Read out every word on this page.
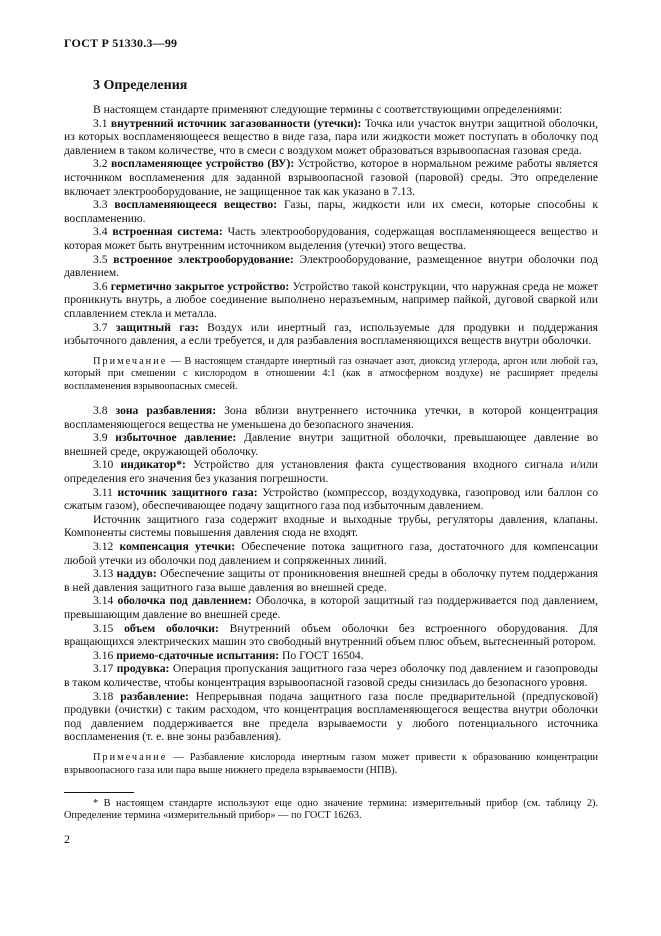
ГОСТ Р 51330.3—99
3 Определения

В настоящем стандарте применяют следующие термины с соответствующими определениями:

3.1 внутренний источник загазованности (утечки): Точка или участок внутри защитной оболочки, из которых воспламеняющееся вещество в виде газа, пара или жидкости может поступать в оболочку под давлением в таком количестве, что в смеси с воздухом может образоваться взрывоопасная газовая среда.

3.2 воспламеняющее устройство (ВУ): Устройство, которое в нормальном режиме работы является источником воспламенения для заданной взрывоопасной газовой (паровой) среды. Это определение включает электрооборудование, не защищенное так как указано в 7.13.

3.3 воспламеняющееся вещество: Газы, пары, жидкости или их смеси, которые способны к воспламенению.

3.4 встроенная система: Часть электрооборудования, содержащая воспламеняющееся вещество и которая может быть внутренним источником выделения (утечки) этого вещества.

3.5 встроенное электрооборудование: Электрооборудование, размещенное внутри оболочки под давлением.

3.6 герметично закрытое устройство: Устройство такой конструкции, что наружная среда не может проникнуть внутрь, а любое соединение выполнено неразъемным, например пайкой, дуговой сваркой или сплавлением стекла и металла.

3.7 защитный газ: Воздух или инертный газ, используемые для продувки и поддержания избыточного давления, а если требуется, и для разбавления воспламеняющихся веществ внутри оболочки.

Примечание — В настоящем стандарте инертный газ означает азот, диоксид углерода, аргон или любой газ, который при смешении с кислородом в отношении 4:1 (как в атмосферном воздухе) не расширяет пределы воспламенения взрывоопасных смесей.

3.8 зона разбавления: Зона вблизи внутреннего источника утечки, в которой концентрация воспламеняющегося вещества не уменьшена до безопасного значения.

3.9 избыточное давление: Давление внутри защитной оболочки, превышающее давление во внешней среде, окружающей оболочку.

3.10 индикатор*: Устройство для установления факта существования входного сигнала и/или определения его значения без указания погрешности.

3.11 источник защитного газа: Устройство (компрессор, воздуходувка, газопровод или баллон со сжатым газом), обеспечивающее подачу защитного газа под избыточным давлением.

Источник защитного газа содержит входные и выходные трубы, регуляторы давления, клапаны. Компоненты системы повышения давления сюда не входят.

3.12 компенсация утечки: Обеспечение потока защитного газа, достаточного для компенсации любой утечки из оболочки под давлением и сопряженных линий.

3.13 наддув: Обеспечение защиты от проникновения внешней среды в оболочку путем поддержания в ней давления защитного газа выше давления во внешней среде.

3.14 оболочка под давлением: Оболочка, в которой защитный газ поддерживается под давлением, превышающим давление во внешней среде.

3.15 объем оболочки: Внутренний объем оболочки без встроенного оборудования. Для вращающихся электрических машин это свободный внутренний объем плюс объем, вытесненный ротором.

3.16 приемо-сдаточные испытания: По ГОСТ 16504.

3.17 продувка: Операция пропускания защитного газа через оболочку под давлением и газопроводы в таком количестве, чтобы концентрация взрывоопасной газовой среды снизилась до безопасного уровня.

3.18 разбавление: Непрерывная подача защитного газа после предварительной (предпусковой) продувки (очистки) с таким расходом, что концентрация воспламеняющегося вещества внутри оболочки под давлением поддерживается вне предела взрываемости у любого потенциального источника воспламенения (т. е. вне зоны разбавления).

Примечание — Разбавление кислорода инертным газом может привести к образованию концентрации взрывоопасного газа или пара выше нижнего предела взрываемости (НПВ).

* В настоящем стандарте используют еще одно значение термина: измерительный прибор (см. таблицу 2). Определение термина «измерительный прибор» — по ГОСТ 16263.

2
